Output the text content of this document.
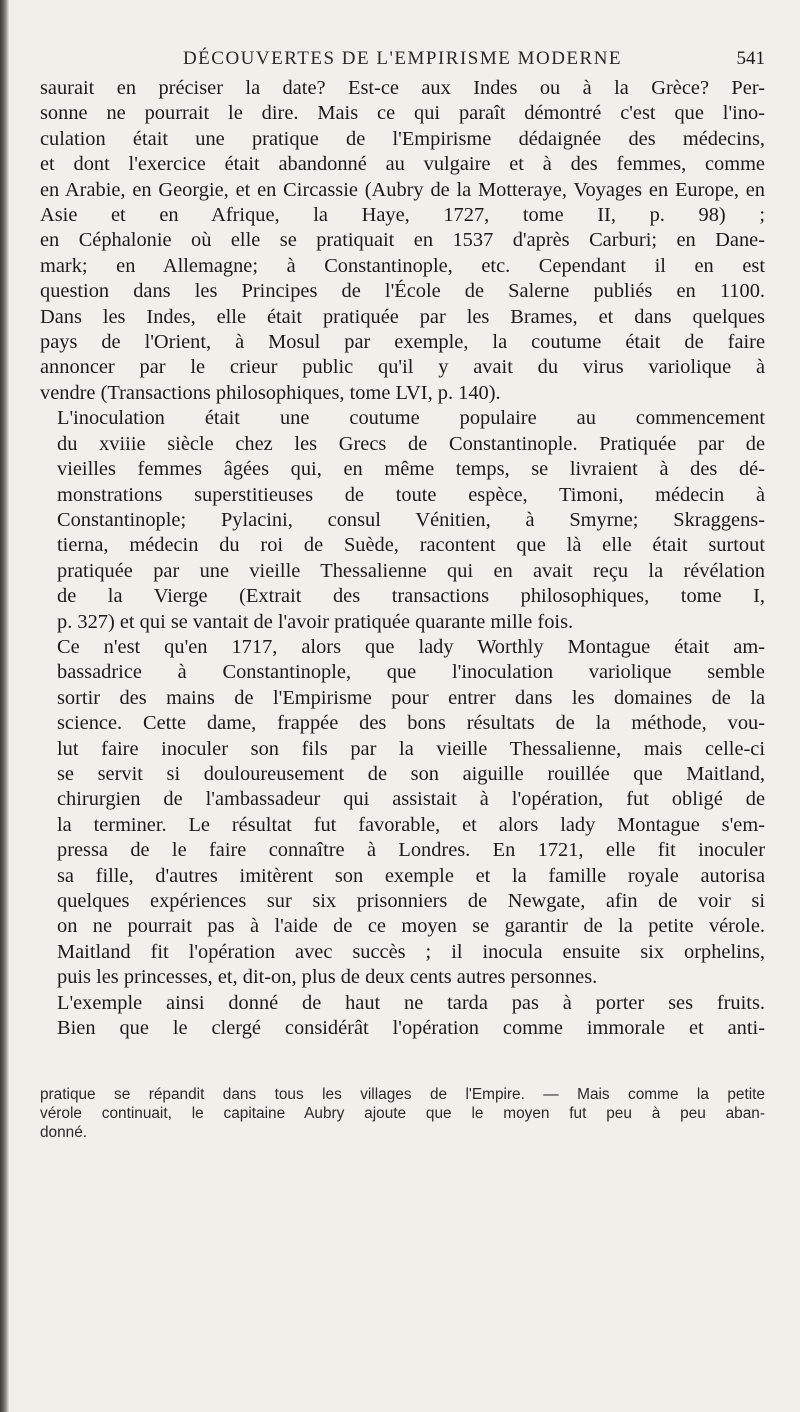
DÉCOUVERTES DE L'EMPIRISME MODERNE	541

saurait en préciser la date? Est-ce aux Indes ou à la Grèce? Per-
sonne ne pourrait le dire. Mais ce qui paraît démontré c'est que l'ino-
culation était une pratique de l'Empirisme dédaignée des médecins,
et dont l'exercice était abandonné au vulgaire et à des femmes, comme
en Arabie, en Georgie, et en Circassie (Aubry de la Motteraye, Voyages en Europe, en Asie et en Afrique, la Haye, 1727, tome II, p. 98) ;
en Céphalonie où elle se pratiquait en 1537 d'après Carburi; en Dane-
mark; en Allemagne; à Constantinople, etc. Cependant il en est
question dans les Principes de l'École de Salerne publiés en 1100.
Dans les Indes, elle était pratiquée par les Brames, et dans quelques
pays de l'Orient, à Mosul par exemple, la coutume était de faire
annoncer par le crieur public qu'il y avait du virus variolique à
vendre (Transactions philosophiques, tome LVI, p. 140).

L'inoculation était une coutume populaire au commencement
du xviiie siècle chez les Grecs de Constantinople. Pratiquée par de
vieilles femmes âgées qui, en même temps, se livraient à des dé-
monstrations superstitieuses de toute espèce, Timoni, médecin à
Constantinople; Pylacini, consul Vénitien, à Smyrne; Skraggens-
tierna, médecin du roi de Suède, racontent que là elle était surtout
pratiquée par une vieille Thessalienne qui en avait reçu la révélation
de la Vierge (Extrait des transactions philosophiques, tome I,
p. 327) et qui se vantait de l'avoir pratiquée quarante mille fois.

Ce n'est qu'en 1717, alors que lady Worthly Montague était am-
bassadrice à Constantinople, que l'inoculation variolique semble
sortir des mains de l'Empirisme pour entrer dans les domaines de la
science. Cette dame, frappée des bons résultats de la méthode, vou-
lut faire inoculer son fils par la vieille Thessalienne, mais celle-ci
se servit si douloureusement de son aiguille rouillée que Maitland,
chirurgien de l'ambassadeur qui assistait à l'opération, fut obligé de
la terminer. Le résultat fut favorable, et alors lady Montague s'em-
pressa de le faire connaître à Londres. En 1721, elle fit inoculer
sa fille, d'autres imitèrent son exemple et la famille royale autorisa
quelques expériences sur six prisonniers de Newgate, afin de voir si
on ne pourrait pas à l'aide de ce moyen se garantir de la petite vérole.
Maitland fit l'opération avec succès ; il inocula ensuite six orphelins,
puis les princesses, et, dit-on, plus de deux cents autres personnes.

L'exemple ainsi donné de haut ne tarda pas à porter ses fruits.
Bien que le clergé considérât l'opération comme immorale et anti-

pratique se répandit dans tous les villages de l'Empire. — Mais comme la petite
vérole continuait, le capitaine Aubry ajoute que le moyen fut peu à peu aban-
donné.
